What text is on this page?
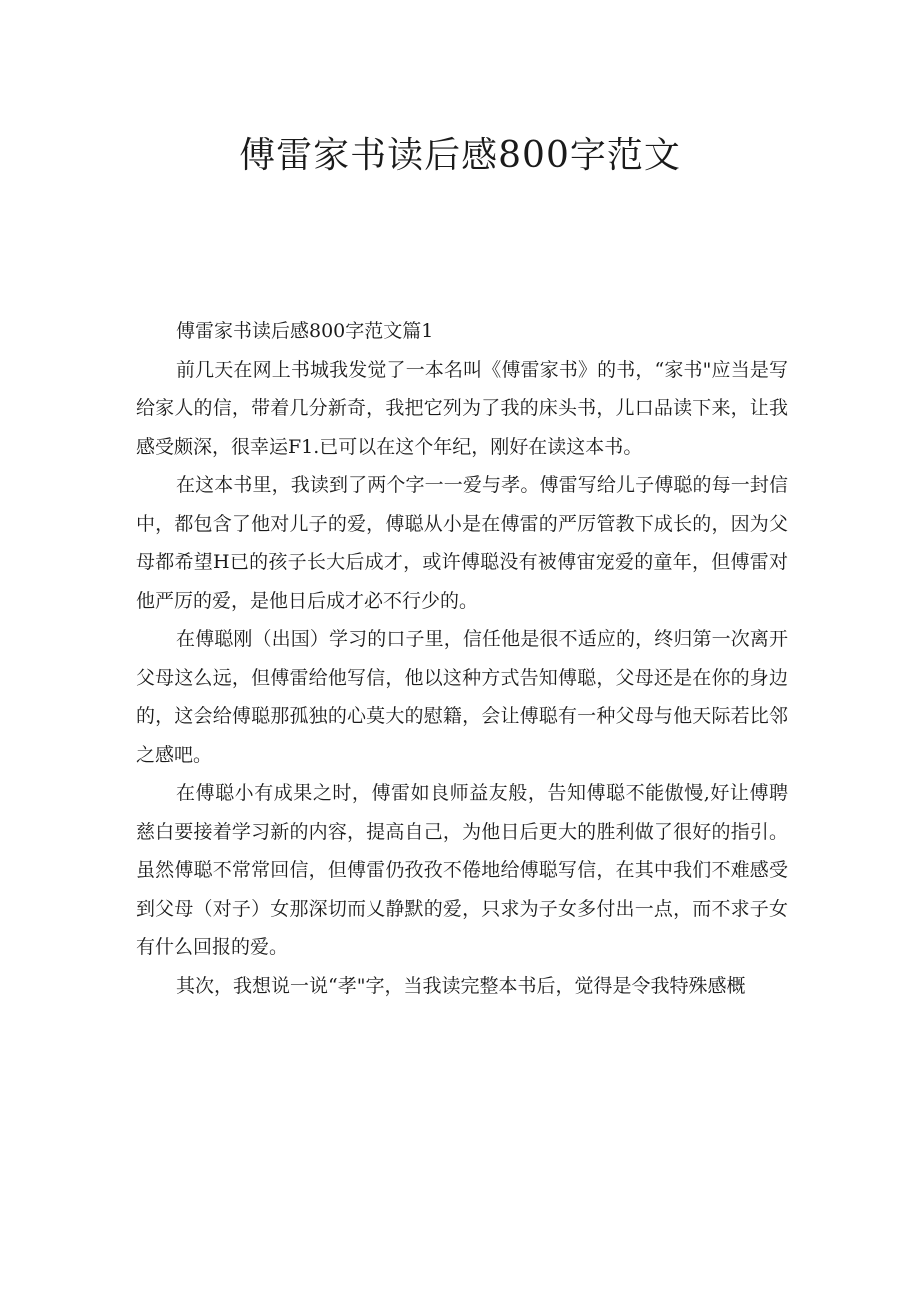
傅雷家书读后感800字范文

傅雷家书读后感800字范文篇1

前几天在网上书城我发觉了一本名叫《傅雷家书》的书，“家书"应当是写给家人的信，带着几分新奇，我把它列为了我的床头书，儿口品读下来，让我感受颇深，很幸运F1.已可以在这个年纪，刚好在读这本书。

在这本书里，我读到了两个字一一爱与孝。傅雷写给儿子傅聪的每一封信中，都包含了他对儿子的爱，傅聪从小是在傅雷的严厉管教下成长的，因为父母都希望H已的孩子长大后成才，或许傅聪没有被傅宙宠爱的童年，但傅雷对他严厉的爱，是他日后成才必不行少的。

在傅聪刚（出国）学习的口子里，信任他是很不适应的，终归第一次离开父母这么远，但傅雷给他写信，他以这种方式告知傅聪，父母还是在你的身边的，这会给傅聪那孤独的心莫大的慰籍，会让傅聪有一种父母与他天际若比邻之感吧。

在傅聪小有成果之时，傅雷如良师益友般，告知傅聪不能傲慢,好让傅聘慈白要接着学习新的内容，提高自己，为他日后更大的胜利做了很好的指引。虽然傅聪不常常回信，但傅雷仍孜孜不倦地给傅聪写信，在其中我们不难感受到父母（对子）女那深切而乂静默的爱，只求为子女多付出一点，而不求子女有什么回报的爱。

其次，我想说一说“孝"字，当我读完整本书后，觉得是令我特殊感概
